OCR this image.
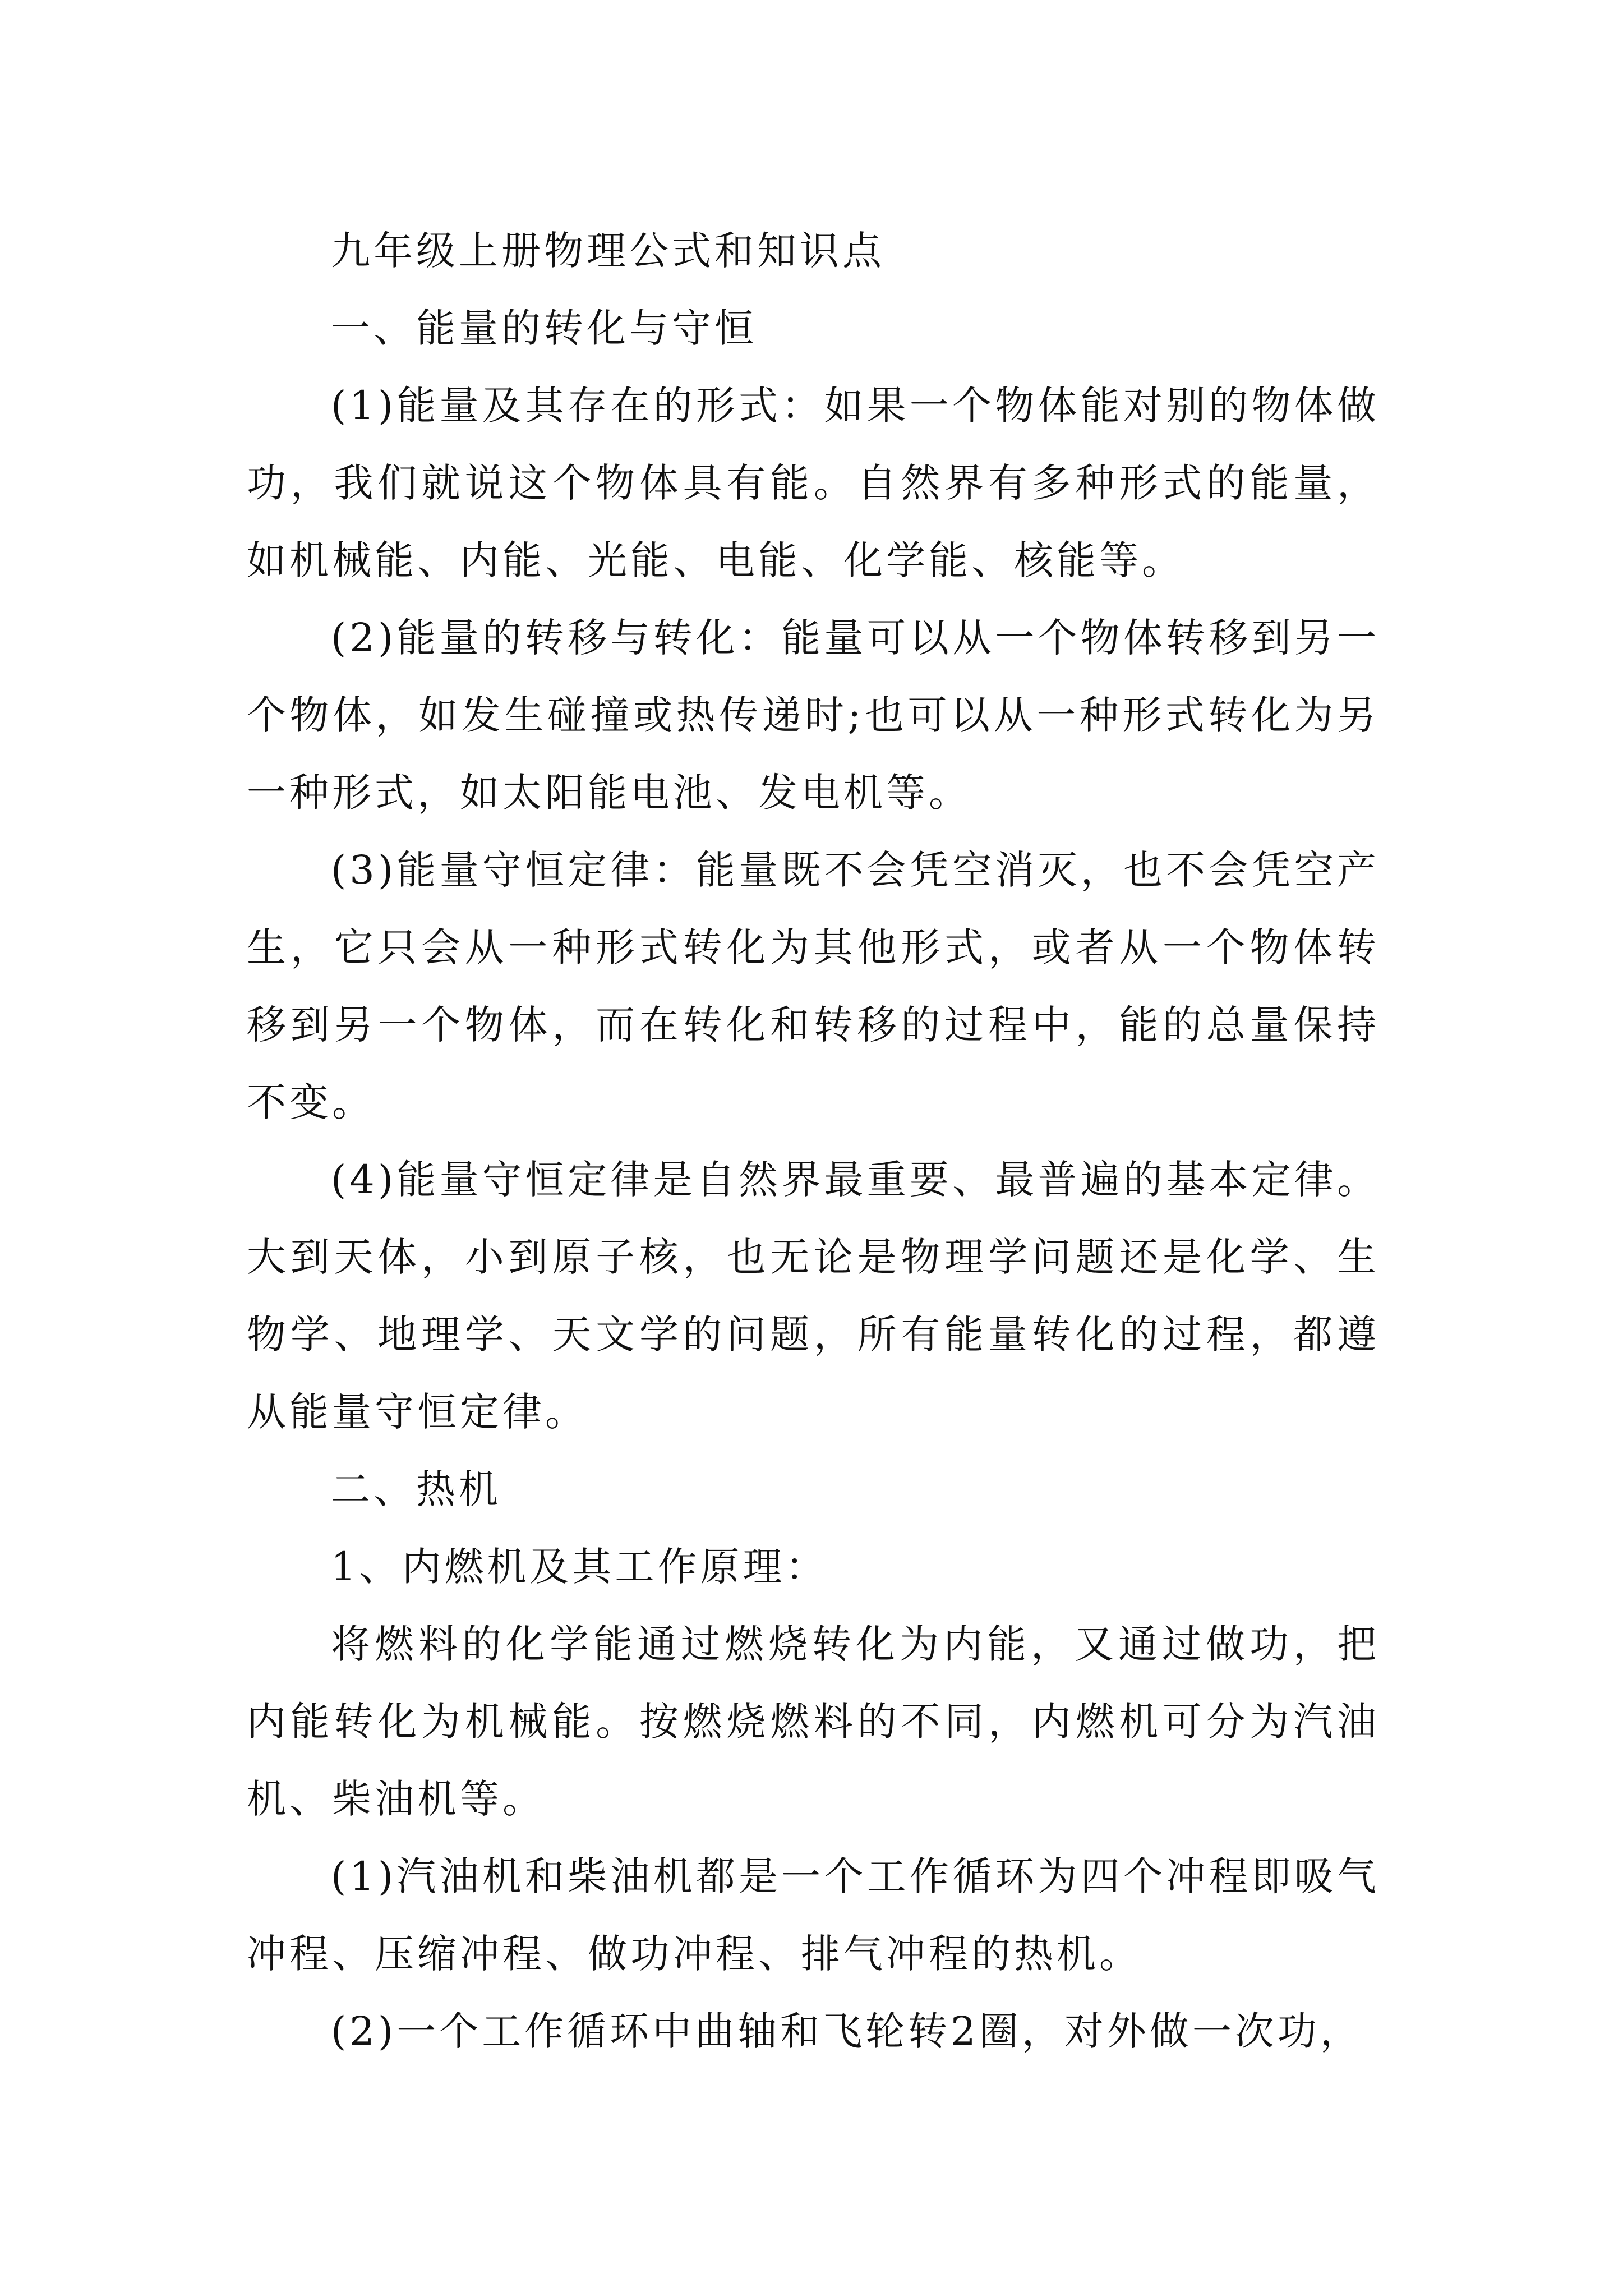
九年级上册物理公式和知识点

一、能量的转化与守恒

(1)能量及其存在的形式：如果一个物体能对别的物体做功，我们就说这个物体具有能。自然界有多种形式的能量，如机械能、内能、光能、电能、化学能、核能等。

(2)能量的转移与转化：能量可以从一个物体转移到另一个物体，如发生碰撞或热传递时;也可以从一种形式转化为另一种形式，如太阳能电池、发电机等。

(3)能量守恒定律：能量既不会凭空消灭，也不会凭空产生，它只会从一种形式转化为其他形式，或者从一个物体转移到另一个物体，而在转化和转移的过程中，能的总量保持不变。

(4)能量守恒定律是自然界最重要、最普遍的基本定律。大到天体，小到原子核，也无论是物理学问题还是化学、生物学、地理学、天文学的问题，所有能量转化的过程，都遵从能量守恒定律。

二、热机

1、内燃机及其工作原理：

将燃料的化学能通过燃烧转化为内能，又通过做功，把内能转化为机械能。按燃烧燃料的不同，内燃机可分为汽油机、柴油机等。

(1)汽油机和柴油机都是一个工作循环为四个冲程即吸气冲程、压缩冲程、做功冲程、排气冲程的热机。

(2)一个工作循环中曲轴和飞轮转2圈，对外做一次功，
